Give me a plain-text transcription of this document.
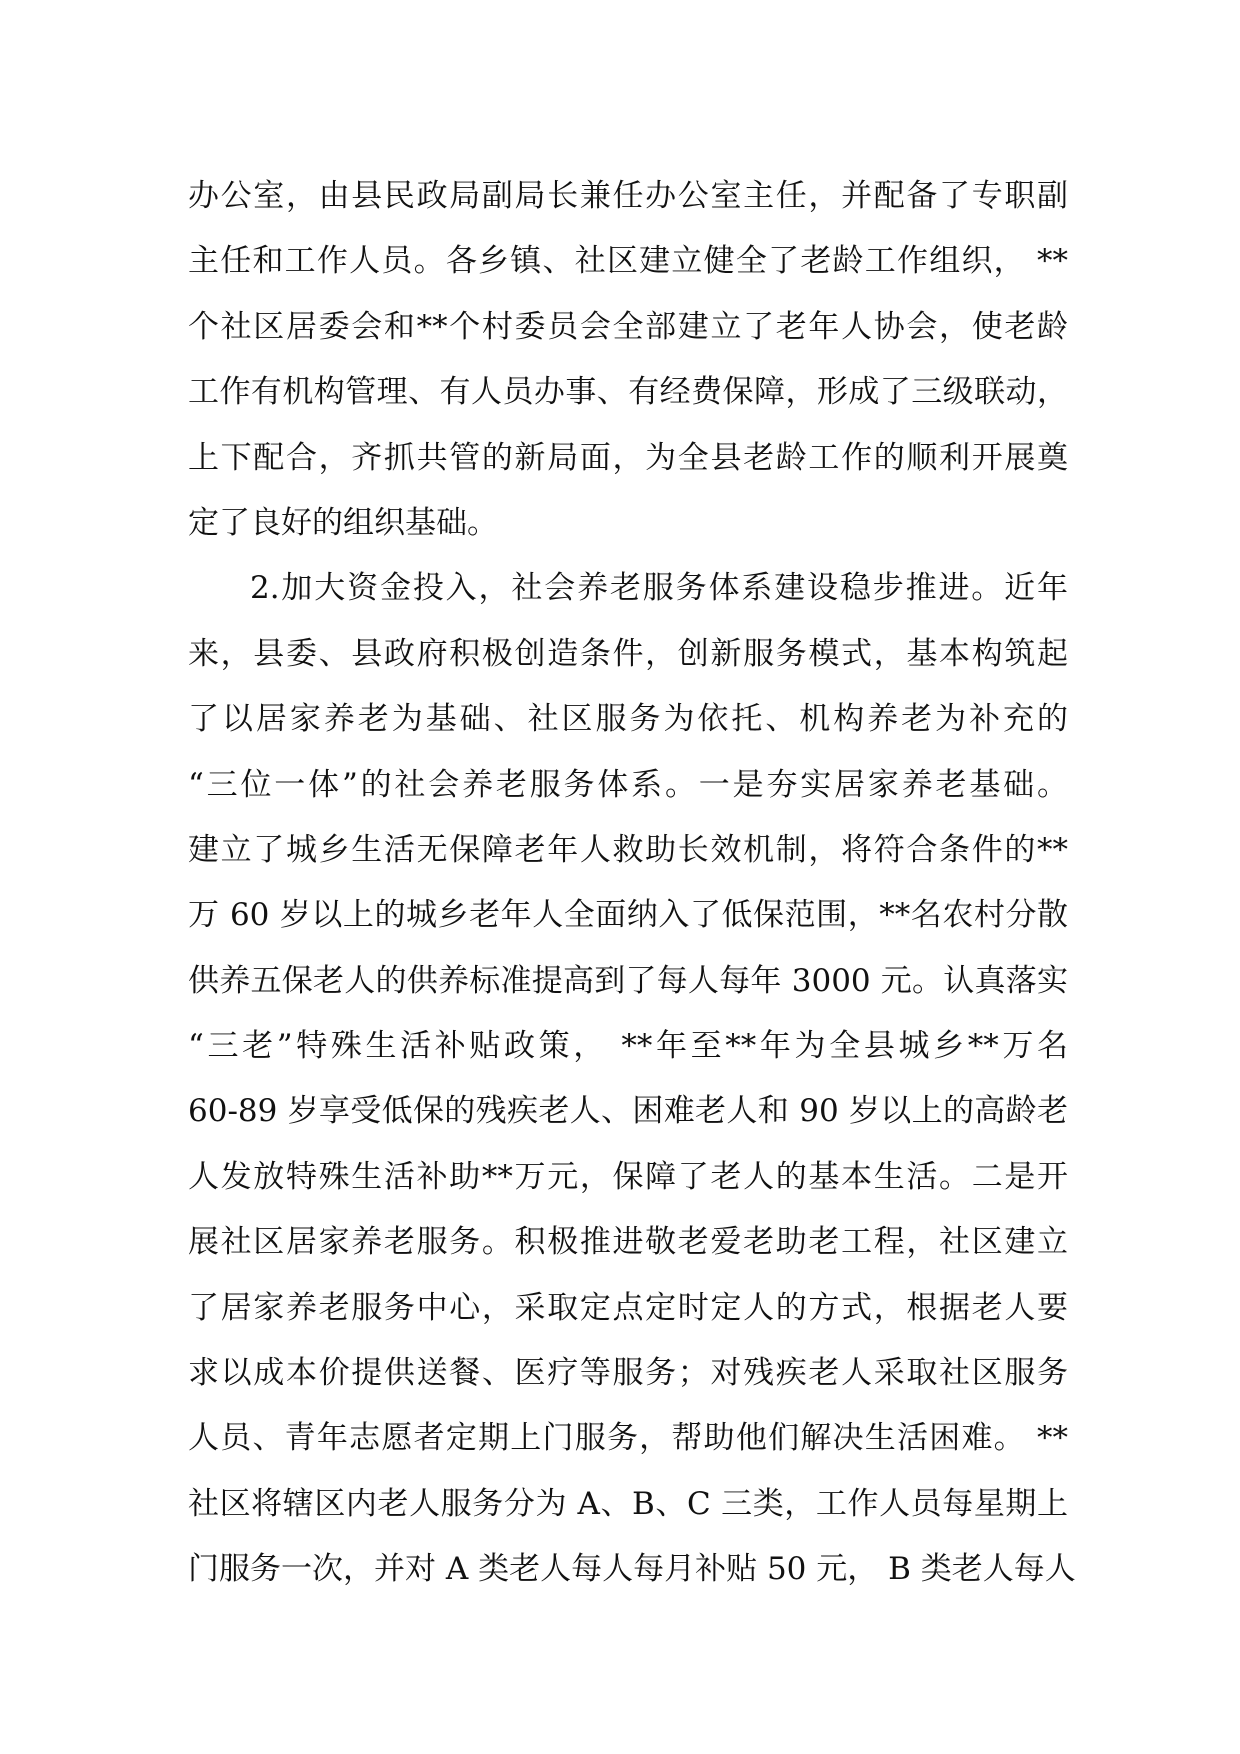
办公室，由县民政局副局长兼任办公室主任，并配备了专职副
主任和工作人员。各乡镇、社区建立健全了老龄工作组织， **
个社区居委会和**个村委员会全部建立了老年人协会，使老龄
工作有机构管理、有人员办事、有经费保障，形成了三级联动，
上下配合，齐抓共管的新局面，为全县老龄工作的顺利开展奠
定了良好的组织基础。
2.加大资金投入，社会养老服务体系建设稳步推进。近年
来，县委、县政府积极创造条件，创新服务模式，基本构筑起
了以居家养老为基础、社区服务为依托、机构养老为补充的
“三位一体”的社会养老服务体系。一是夯实居家养老基础。
建立了城乡生活无保障老年人救助长效机制，将符合条件的**
万 60 岁以上的城乡老年人全面纳入了低保范围，**名农村分散
供养五保老人的供养标准提高到了每人每年 3000 元。认真落实
“三老”特殊生活补贴政策， **年至**年为全县城乡**万名
60-89 岁享受低保的残疾老人、困难老人和 90 岁以上的高龄老
人发放特殊生活补助**万元，保障了老人的基本生活。二是开
展社区居家养老服务。积极推进敬老爱老助老工程，社区建立
了居家养老服务中心，采取定点定时定人的方式，根据老人要
求以成本价提供送餐、医疗等服务；对残疾老人采取社区服务
人员、青年志愿者定期上门服务，帮助他们解决生活困难。 **
社区将辖区内老人服务分为 A、B、C 三类，工作人员每星期上
门服务一次，并对 A 类老人每人每月补贴 50 元， B 类老人每人
